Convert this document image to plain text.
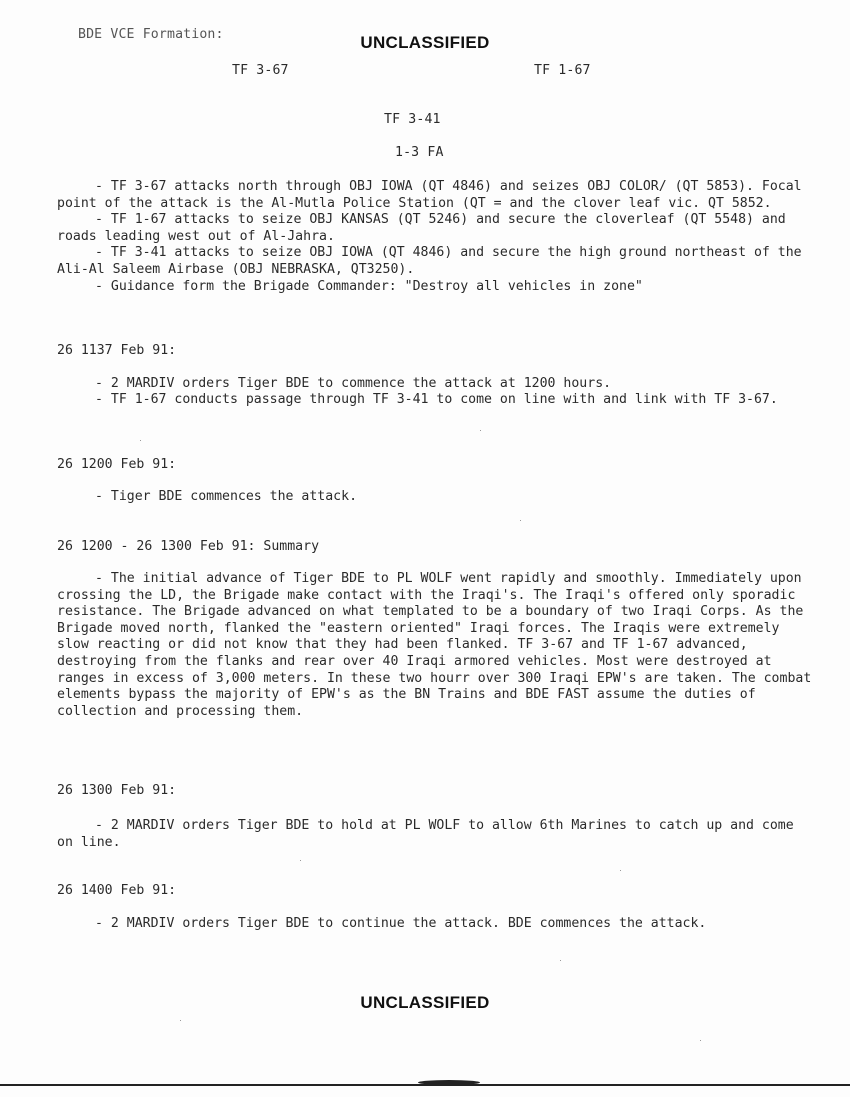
UNCLASSIFIED
BDE VCE Formation:
TF 3-67	TF 1-67
TF 3-41
1-3 FA

- TF 3-67 attacks north through OBJ IOWA (QT 4846) and seizes OBJ COLOR/ (QT 5853). Focal point of the attack is the Al-Mutla Police Station (QT = and the clover leaf vic. QT 5852.

- TF 1-67 attacks to seize OBJ KANSAS (QT 5246) and secure the cloverleaf (QT 5548) and roads leading west out of Al-Jahra.

- TF 3-41 attacks to seize OBJ IOWA (QT 4846) and secure the high ground northeast of the Ali-Al Saleem Airbase (OBJ NEBRASKA, QT3250).

- Guidance form the Brigade Commander: "Destroy all vehicles in zone"

26 1137 Feb 91:
- 2 MARDIV orders Tiger BDE to commence the attack at 1200 hours.
- TF 1-67 conducts passage through TF 3-41 to come on line with and link with TF 3-67.
26 1200 Feb 91:
- Tiger BDE commences the attack.
26 1200 - 26 1300 Feb 91: Summary
- The initial advance of Tiger BDE to PL WOLF went rapidly and smoothly. Immediately upon crossing the LD, the Brigade make contact with the Iraqi's. The Iraqi's offered only sporadic resistance. The Brigade advanced on what templated to be a boundary of two Iraqi Corps. As the Brigade moved north, flanked the "eastern oriented" Iraqi forces. The Iraqis were extremely slow reacting or did not know that they had been flanked. TF 3-67 and TF 1-67 advanced, destroying from the flanks and rear over 40 Iraqi armored vehicles. Most were destroyed at ranges in excess of 3,000 meters. In these two hourr over 300 Iraqi EPW's are taken. The combat elements bypass the majority of EPW's as the BN Trains and BDE FAST assume the duties of collection and processing them.
26 1300 Feb 91:
- 2 MARDIV orders Tiger BDE to hold at PL WOLF to allow 6th Marines to catch up and come on line.
26 1400 Feb 91:
- 2 MARDIV orders Tiger BDE to continue the attack. BDE commences the attack.
UNCLASSIFIED
